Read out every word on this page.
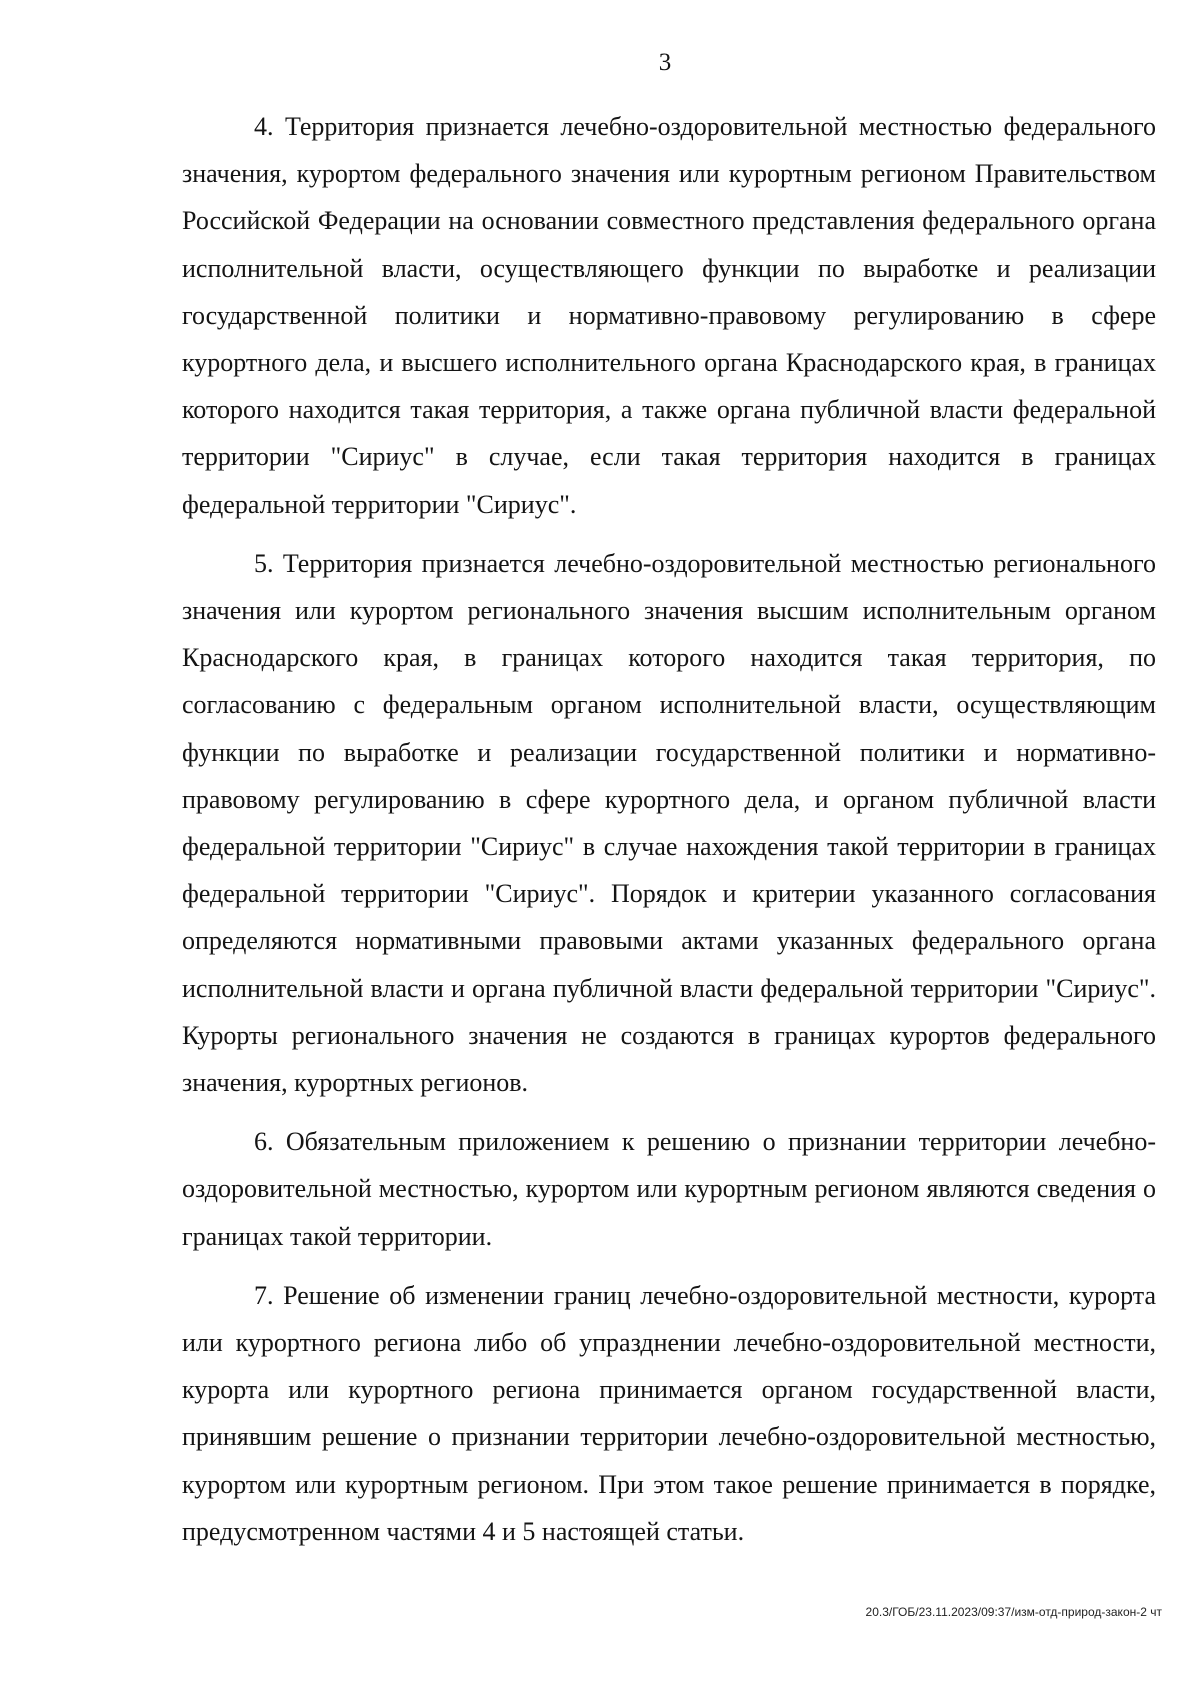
3

4. Территория признается лечебно-оздоровительной местностью федерального значения, курортом федерального значения или курортным регионом Правительством Российской Федерации на основании совместного представления федерального органа исполнительной власти, осуществляющего функции по выработке и реализации государственной политики и нормативно-правовому регулированию в сфере курортного дела, и высшего исполнительного органа Краснодарского края, в границах которого находится такая территория, а также органа публичной власти федеральной территории "Сириус" в случае, если такая территория находится в границах федеральной территории "Сириус".

5. Территория признается лечебно-оздоровительной местностью регионального значения или курортом регионального значения высшим исполнительным органом Краснодарского края, в границах которого находится такая территория, по согласованию с федеральным органом исполнительной власти, осуществляющим функции по выработке и реализации государственной политики и нормативно-правовому регулированию в сфере курортного дела, и органом публичной власти федеральной территории "Сириус" в случае нахождения такой территории в границах федеральной территории "Сириус". Порядок и критерии указанного согласования определяются нормативными правовыми актами указанных федерального органа исполнительной власти и органа публичной власти федеральной территории "Сириус". Курорты регионального значения не создаются в границах курортов федерального значения, курортных регионов.

6. Обязательным приложением к решению о признании территории лечебно-оздоровительной местностью, курортом или курортным регионом являются сведения о границах такой территории.

7. Решение об изменении границ лечебно-оздоровительной местности, курорта или курортного региона либо об упразднении лечебно-оздоровительной местности, курорта или курортного региона принимается органом государственной власти, принявшим решение о признании территории лечебно-оздоровительной местностью, курортом или курортным регионом. При этом такое решение принимается в порядке, предусмотренном частями 4 и 5 настоящей статьи.

20.3/ГОБ/23.11.2023/09:37/изм-отд-природ-закон-2 чт
